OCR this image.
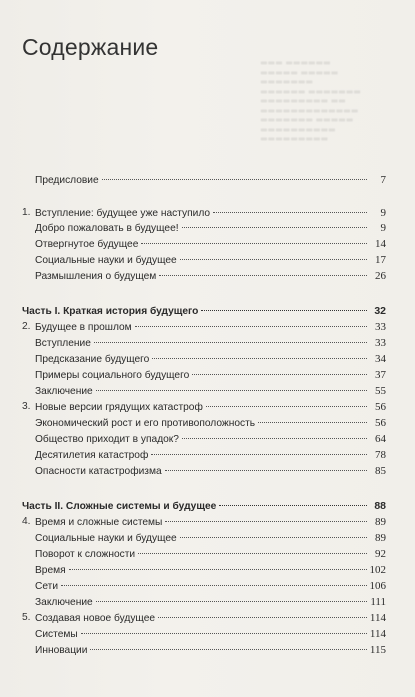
Содержание
▬▬▬ ▬▬▬▬▬▬
▬▬▬▬▬ ▬▬▬▬▬
▬▬▬▬▬▬▬
▬▬▬▬▬▬ ▬▬▬▬▬▬▬
▬▬▬▬▬▬▬▬▬ ▬▬
▬▬▬▬▬▬▬▬▬▬▬▬▬
▬▬▬▬▬▬▬ ▬▬▬▬▬
▬▬▬▬▬▬▬▬▬▬
▬▬▬▬▬▬▬▬▬
Предисловие	7
1. Вступление: будущее уже наступило	9
Добро пожаловать в будущее!	9
Отвергнутое будущее	14
Социальные науки и будущее	17
Размышления о будущем	26
Часть I. Краткая история будущего	32
2. Будущее в прошлом	33
Вступление	33
Предсказание будущего	34
Примеры социального будущего	37
Заключение	55
3. Новые версии грядущих катастроф	56
Экономический рост и его противоположность	56
Общество приходит в упадок?	64
Десятилетия катастроф	78
Опасности катастрофизма	85
Часть II. Сложные системы и будущее	88
4. Время и сложные системы	89
Социальные науки и будущее	89
Поворот к сложности	92
Время	102
Сети	106
Заключение	111
5. Создавая новое будущее	114
Системы	114
Инновации	115
